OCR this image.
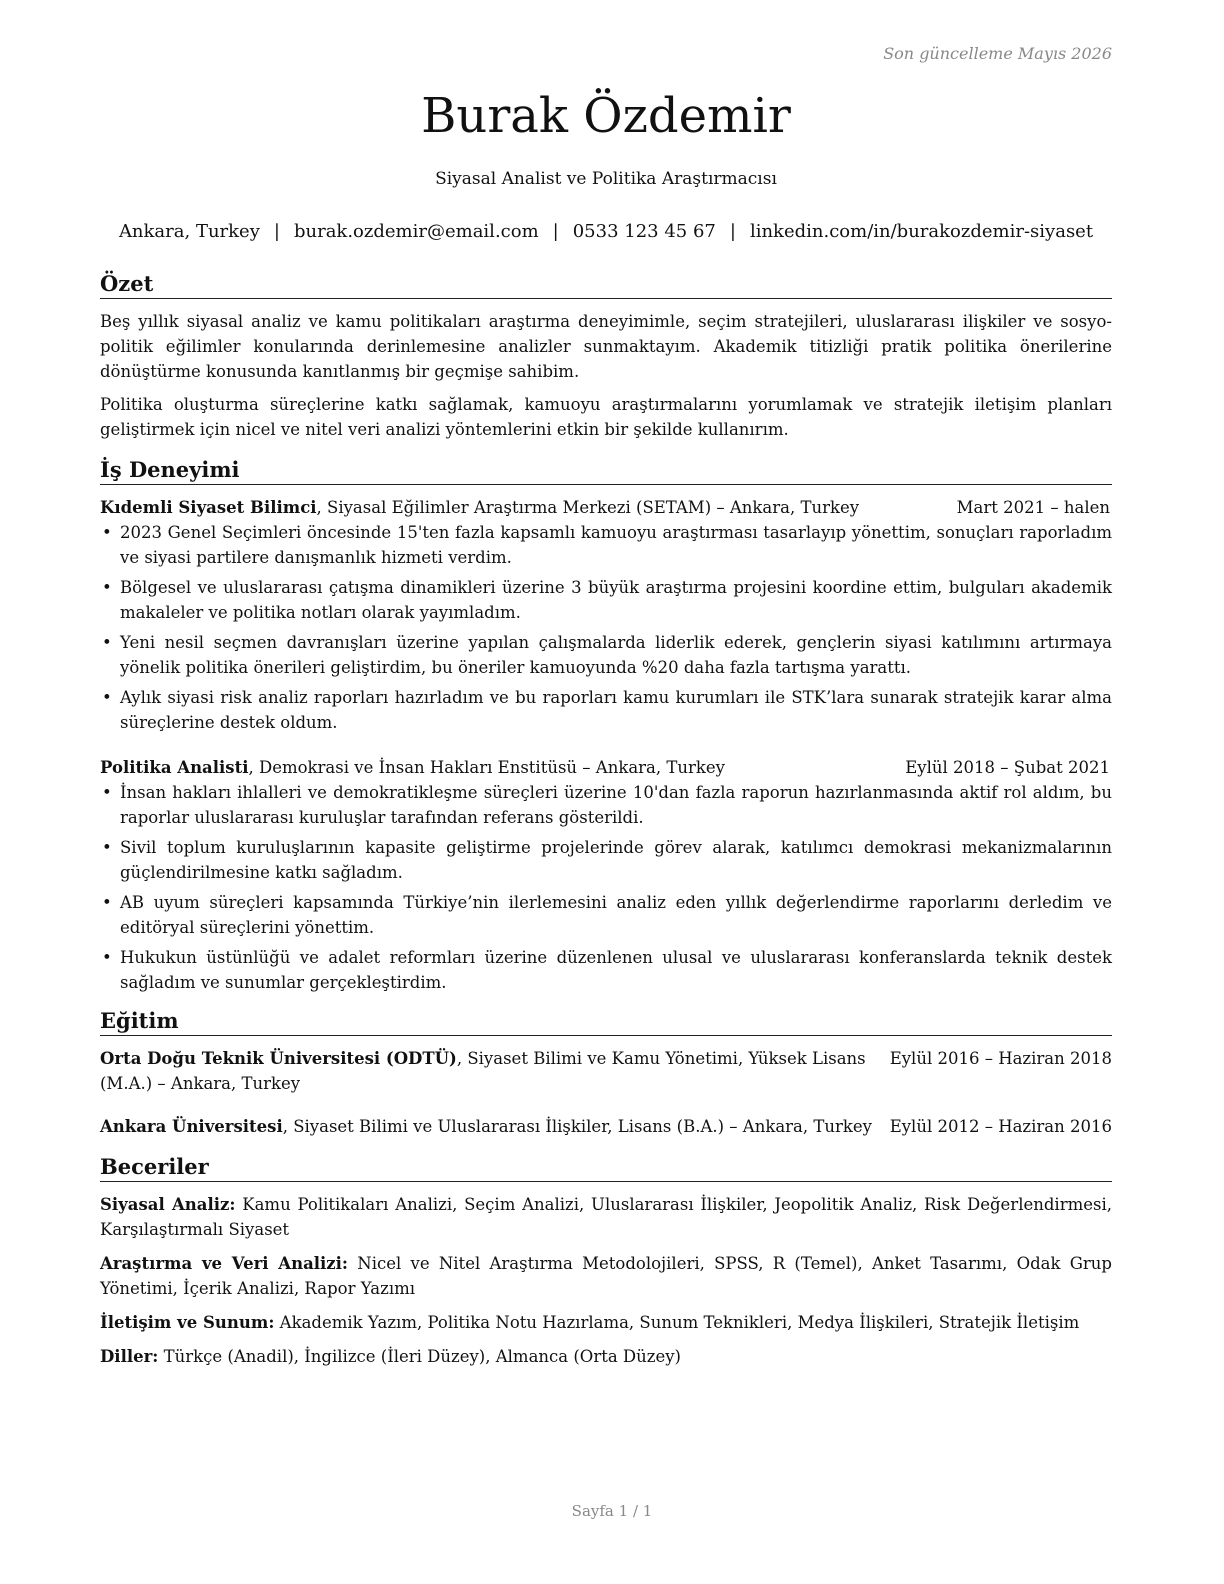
Son güncelleme Mayıs 2026
Burak Özdemir
Siyasal Analist ve Politika Araştırmacısı
Ankara, Turkey | burak.ozdemir@email.com | 0533 123 45 67 | linkedin.com/in/burakozdemir-siyaset
Özet

Beş yıllık siyasal analiz ve kamu politikaları araştırma deneyimimle, seçim stratejileri, uluslararası ilişkiler ve sosyo-politik eğilimler konularında derinlemesine analizler sunmaktayım. Akademik titizliği pratik politika önerilerine dönüştürme konusunda kanıtlanmış bir geçmişe sahibim.

Politika oluşturma süreçlerine katkı sağlamak, kamuoyu araştırmalarını yorumlamak ve stratejik iletişim planları geliştirmek için nicel ve nitel veri analizi yöntemlerini etkin bir şekilde kullanırım.

İş Deneyimi
Kıdemli Siyaset Bilimci, Siyasal Eğilimler Araştırma Merkezi (SETAM) – Ankara, Turkey	Mart 2021 – halen
• 2023 Genel Seçimleri öncesinde 15'ten fazla kapsamlı kamuoyu araştırması tasarlayıp yönettim, sonuçları raporladım ve siyasi partilere danışmanlık hizmeti verdim.
• Bölgesel ve uluslararası çatışma dinamikleri üzerine 3 büyük araştırma projesini koordine ettim, bulguları akademik makaleler ve politika notları olarak yayımladım.
• Yeni nesil seçmen davranışları üzerine yapılan çalışmalarda liderlik ederek, gençlerin siyasi katılımını artırmaya yönelik politika önerileri geliştirdim, bu öneriler kamuoyunda %20 daha fazla tartışma yarattı.
• Aylık siyasi risk analiz raporları hazırladım ve bu raporları kamu kurumları ile STK’lara sunarak stratejik karar alma süreçlerine destek oldum.
Politika Analisti, Demokrasi ve İnsan Hakları Enstitüsü – Ankara, Turkey	Eylül 2018 – Şubat 2021
• İnsan hakları ihlalleri ve demokratikleşme süreçleri üzerine 10'dan fazla raporun hazırlanmasında aktif rol aldım, bu raporlar uluslararası kuruluşlar tarafından referans gösterildi.
• Sivil toplum kuruluşlarının kapasite geliştirme projelerinde görev alarak, katılımcı demokrasi mekanizmalarının güçlendirilmesine katkı sağladım.
• AB uyum süreçleri kapsamında Türkiye’nin ilerlemesini analiz eden yıllık değerlendirme raporlarını derledim ve editöryal süreçlerini yönettim.
• Hukukun üstünlüğü ve adalet reformları üzerine düzenlenen ulusal ve uluslararası konferanslarda teknik destek sağladım ve sunumlar gerçekleştirdim.
Eğitim
Orta Doğu Teknik Üniversitesi (ODTÜ), Siyaset Bilimi ve Kamu Yönetimi, Yüksek Lisans (M.A.) – Ankara, Turkey
Eylül 2016 – Haziran 2018
Ankara Üniversitesi, Siyaset Bilimi ve Uluslararası İlişkiler, Lisans (B.A.) – Ankara, Turkey	Eylül 2012 – Haziran 2016
Beceriler
Siyasal Analiz: Kamu Politikaları Analizi, Seçim Analizi, Uluslararası İlişkiler, Jeopolitik Analiz, Risk Değerlendirmesi, Karşılaştırmalı Siyaset
Araştırma ve Veri Analizi: Nicel ve Nitel Araştırma Metodolojileri, SPSS, R (Temel), Anket Tasarımı, Odak Grup Yönetimi, İçerik Analizi, Rapor Yazımı
İletişim ve Sunum: Akademik Yazım, Politika Notu Hazırlama, Sunum Teknikleri, Medya İlişkileri, Stratejik İletişim
Diller: Türkçe (Anadil), İngilizce (İleri Düzey), Almanca (Orta Düzey)
Sayfa 1 / 1
